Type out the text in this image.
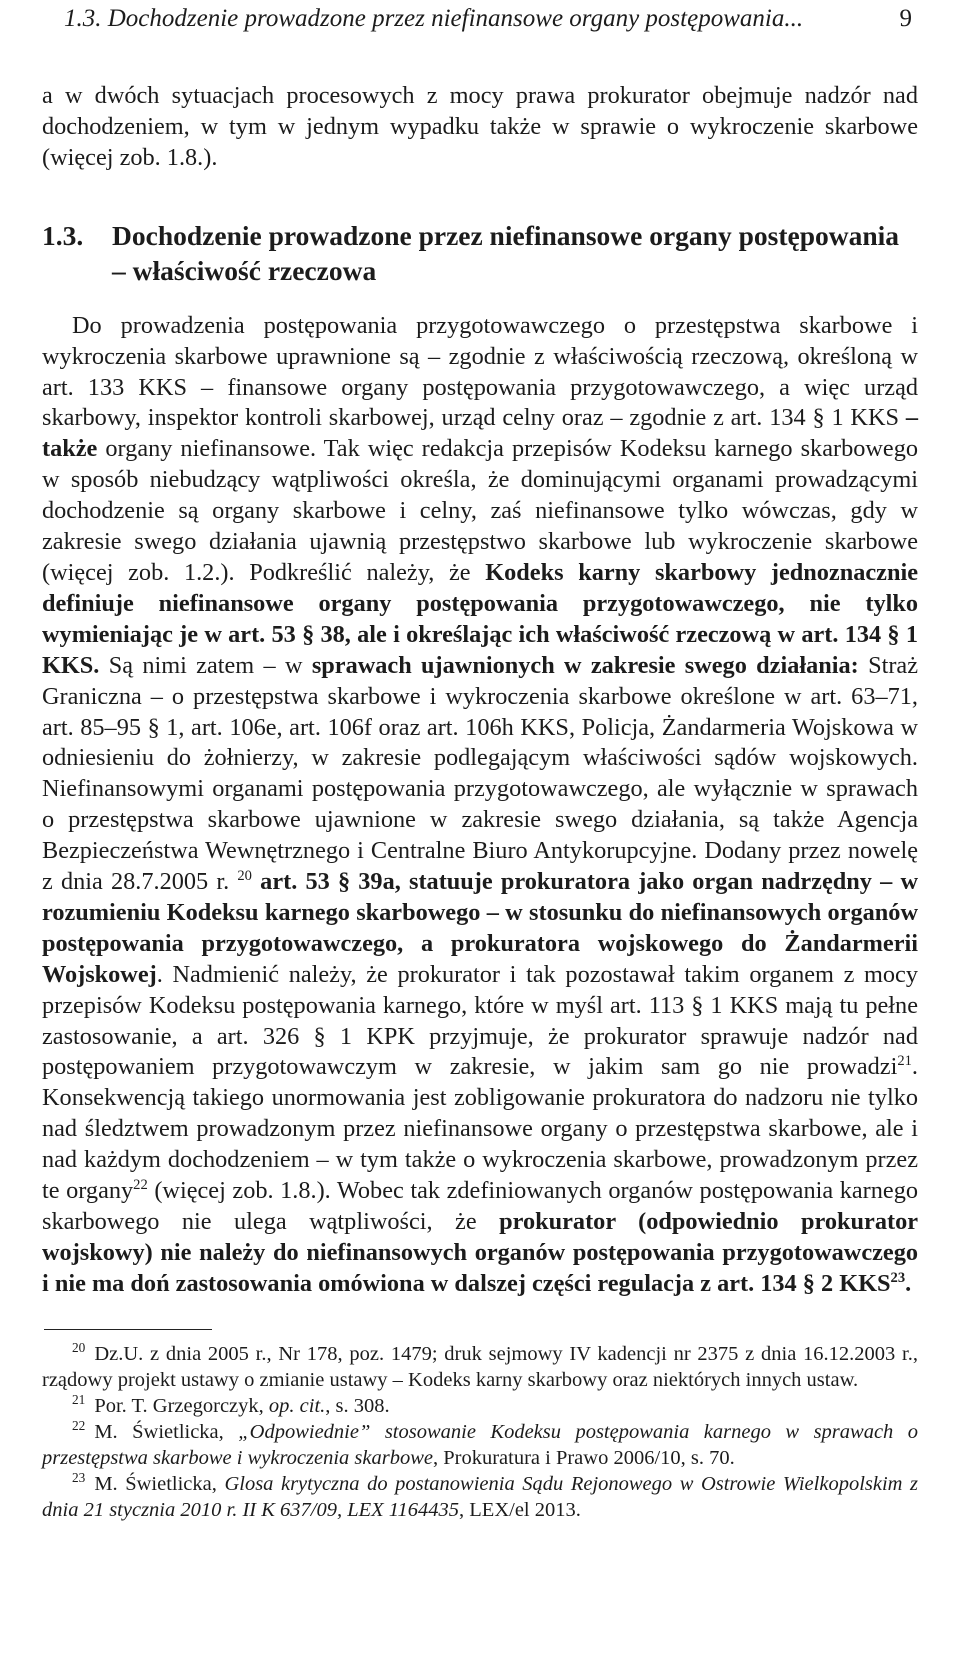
1.3. Dochodzenie prowadzone przez niefinansowe organy postępowania...	9

a w dwóch sytuacjach procesowych z mocy prawa prokurator obejmuje nadzór nad dochodzeniem, w tym w jednym wypadku także w sprawie o wykroczenie skarbowe (więcej zob. 1.8.).

1.3.	Dochodzenie prowadzone przez niefinansowe organy postępowania – właściwość rzeczowa

Do prowadzenia postępowania przygotowawczego o przestępstwa skarbowe i wykroczenia skarbowe uprawnione są – zgodnie z właściwością rzeczową, określoną w art. 133 KKS – finansowe organy postępowania przygotowawczego, a więc urząd skarbowy, inspektor kontroli skarbowej, urząd celny oraz – zgodnie z art. 134 § 1 KKS – także organy niefinansowe. Tak więc redakcja przepisów Kodeksu karnego skarbowego w sposób niebudzący wątpliwości określa, że dominującymi organami prowadzącymi dochodzenie są organy skarbowe i celny, zaś niefinansowe tylko wówczas, gdy w zakresie swego działania ujawnią przestępstwo skarbowe lub wykroczenie skarbowe (więcej zob. 1.2.). Podkreślić należy, że Kodeks karny skarbowy jednoznacznie definiuje niefinansowe organy postępowania przygotowawczego, nie tylko wymieniając je w art. 53 § 38, ale i określając ich właściwość rzeczową w art. 134 § 1 KKS. Są nimi zatem – w sprawach ujawnionych w zakresie swego działania: Straż Graniczna – o przestępstwa skarbowe i wykroczenia skarbowe określone w art. 63–71, art. 85–95 § 1, art. 106e, art. 106f oraz art. 106h KKS, Policja, Żandarmeria Wojskowa w odniesieniu do żołnierzy, w zakresie podlegającym właściwości sądów wojskowych. Niefinansowymi organami postępowania przygotowawczego, ale wyłącznie w sprawach o przestępstwa skarbowe ujawnione w zakresie swego działania, są także Agencja Bezpieczeństwa Wewnętrznego i Centralne Biuro Antykorupcyjne. Dodany przez nowelę z dnia 28.7.2005 r. $^{20}$ art. 53 § 39a, statuuje prokuratora jako organ nadrzędny – w rozumieniu Kodeksu karnego skarbowego – w stosunku do niefinansowych organów postępowania przygotowawczego, a prokuratora wojskowego do Żandarmerii Wojskowej. Nadmienić należy, że prokurator i tak pozostawał takim organem z mocy przepisów Kodeksu postępowania karnego, które w myśl art. 113 § 1 KKS mają tu pełne zastosowanie, a art. 326 § 1 KPK przyjmuje, że prokurator sprawuje nadzór nad postępowaniem przygotowawczym w zakresie, w jakim sam go nie prowadzi$^{21}$. Konsekwencją takiego unormowania jest zobligowanie prokuratora do nadzoru nie tylko nad śledztwem prowadzonym przez niefinansowe organy o przestępstwa skarbowe, ale i nad każdym dochodzeniem – w tym także o wykroczenia skarbowe, prowadzonym przez te organy$^{22}$ (więcej zob. 1.8.). Wobec tak zdefiniowanych organów postępowania karnego skarbowego nie ulega wątpliwości, że prokurator (odpowiednio prokurator wojskowy) nie należy do niefinansowych organów postępowania przygotowawczego i nie ma doń zastosowania omówiona w dalszej części regulacja z art. 134 § 2 KKS$^{23}$.

$^{20}$ Dz.U. z dnia 2005 r., Nr 178, poz. 1479; druk sejmowy IV kadencji nr 2375 z dnia 16.12.2003 r., rządowy projekt ustawy o zmianie ustawy – Kodeks karny skarbowy oraz niektórych innych ustaw.

$^{21}$ Por. T. Grzegorczyk, op. cit., s. 308.

$^{22}$ M. Świetlicka, „Odpowiednie” stosowanie Kodeksu postępowania karnego w sprawach o przestępstwa skarbowe i wykroczenia skarbowe, Prokuratura i Prawo 2006/10, s. 70.

$^{23}$ M. Świetlicka, Glosa krytyczna do postanowienia Sądu Rejonowego w Ostrowie Wielkopolskim z dnia 21 stycznia 2010 r. II K 637/09, LEX 1164435, LEX/el 2013.
